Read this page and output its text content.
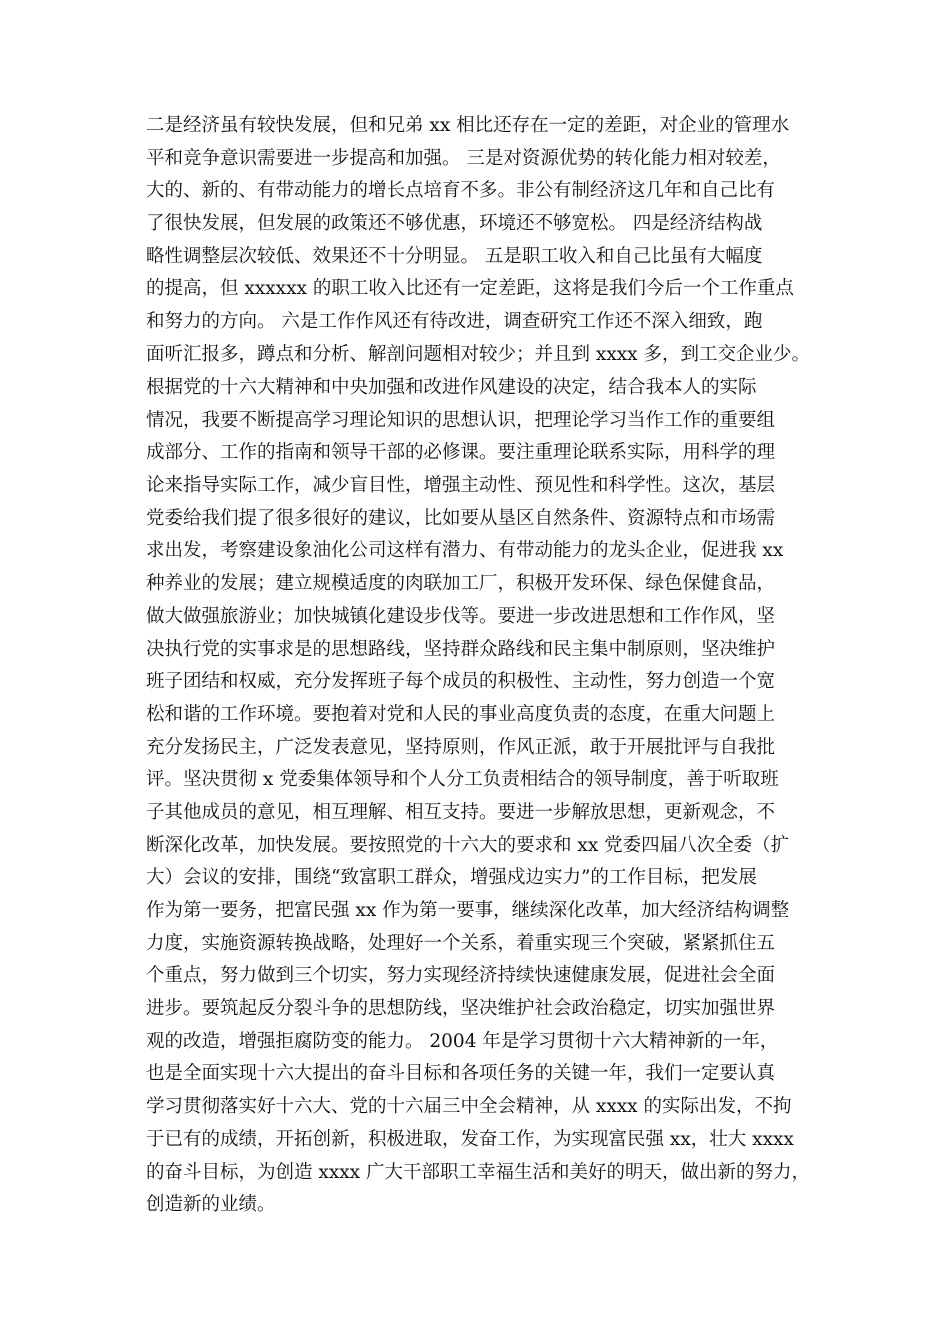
二是经济虽有较快发展，但和兄弟 xx 相比还存在一定的差距，对企业的管理水
平和竞争意识需要进一步提高和加强。 三是对资源优势的转化能力相对较差，
大的、新的、有带动能力的增长点培育不多。非公有制经济这几年和自己比有
了很快发展，但发展的政策还不够优惠，环境还不够宽松。 四是经济结构战
略性调整层次较低、效果还不十分明显。 五是职工收入和自己比虽有大幅度
的提高，但 xxxxxx 的职工收入比还有一定差距，这将是我们今后一个工作重点
和努力的方向。 六是工作作风还有待改进，调查研究工作还不深入细致，跑
面听汇报多，蹲点和分析、解剖问题相对较少；并且到 xxxx 多，到工交企业少。
根据党的十六大精神和中央加强和改进作风建设的决定，结合我本人的实际
情况，我要不断提高学习理论知识的思想认识，把理论学习当作工作的重要组
成部分、工作的指南和领导干部的必修课。要注重理论联系实际，用科学的理
论来指导实际工作，减少盲目性，增强主动性、预见性和科学性。这次，基层
党委给我们提了很多很好的建议，比如要从垦区自然条件、资源特点和市场需
求出发，考察建设象油化公司这样有潜力、有带动能力的龙头企业，促进我 xx
种养业的发展；建立规模适度的肉联加工厂，积极开发环保、绿色保健食品，
做大做强旅游业；加快城镇化建设步伐等。要进一步改进思想和工作作风，坚
决执行党的实事求是的思想路线，坚持群众路线和民主集中制原则，坚决维护
班子团结和权威，充分发挥班子每个成员的积极性、主动性，努力创造一个宽
松和谐的工作环境。要抱着对党和人民的事业高度负责的态度，在重大问题上
充分发扬民主，广泛发表意见，坚持原则，作风正派，敢于开展批评与自我批
评。坚决贯彻 x 党委集体领导和个人分工负责相结合的领导制度，善于听取班
子其他成员的意见，相互理解、相互支持。要进一步解放思想，更新观念，不
断深化改革，加快发展。要按照党的十六大的要求和 xx 党委四届八次全委（扩
大）会议的安排，围绕“致富职工群众，增强戍边实力”的工作目标，把发展
作为第一要务，把富民强 xx 作为第一要事，继续深化改革，加大经济结构调整
力度，实施资源转换战略，处理好一个关系，着重实现三个突破，紧紧抓住五
个重点，努力做到三个切实，努力实现经济持续快速健康发展，促进社会全面
进步。要筑起反分裂斗争的思想防线，坚决维护社会政治稳定，切实加强世界
观的改造，增强拒腐防变的能力。 2004 年是学习贯彻十六大精神新的一年，
也是全面实现十六大提出的奋斗目标和各项任务的关键一年，我们一定要认真
学习贯彻落实好十六大、党的十六届三中全会精神，从 xxxx 的实际出发，不拘
于已有的成绩，开拓创新，积极进取，发奋工作，为实现富民强 xx，壮大 xxxx
的奋斗目标，为创造 xxxx 广大干部职工幸福生活和美好的明天，做出新的努力，
创造新的业绩。
